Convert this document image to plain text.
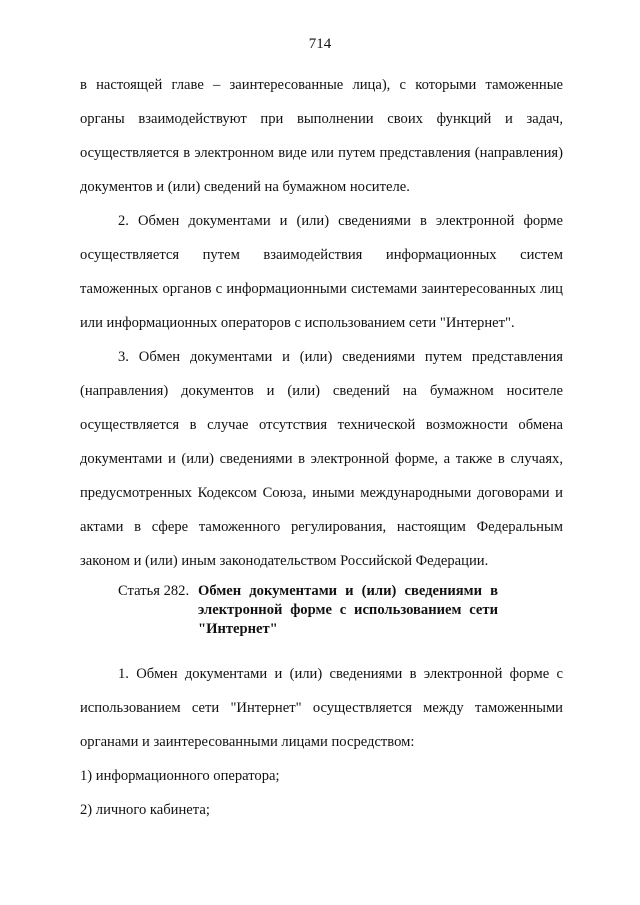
714

в настоящей главе – заинтересованные лица), с которыми таможенные органы взаимодействуют при выполнении своих функций и задач, осуществляется в электронном виде или путем представления (направления) документов и (или) сведений на бумажном носителе.

2. Обмен документами и (или) сведениями в электронной форме осуществляется путем взаимодействия информационных систем таможенных органов с информационными системами заинтересованных лиц или информационных операторов с использованием сети "Интернет".

3. Обмен документами и (или) сведениями путем представления (направления) документов и (или) сведений на бумажном носителе осуществляется в случае отсутствия технической возможности обмена документами и (или) сведениями в электронной форме, а также в случаях, предусмотренных Кодексом Союза, иными международными договорами и актами в сфере таможенного регулирования, настоящим Федеральным законом и (или) иным законодательством Российской Федерации.

Статья 282. Обмен документами и (или) сведениями в электронной форме с использованием сети "Интернет"

1. Обмен документами и (или) сведениями в электронной форме с использованием сети "Интернет" осуществляется между таможенными органами и заинтересованными лицами посредством:

1) информационного оператора;

2) личного кабинета;
